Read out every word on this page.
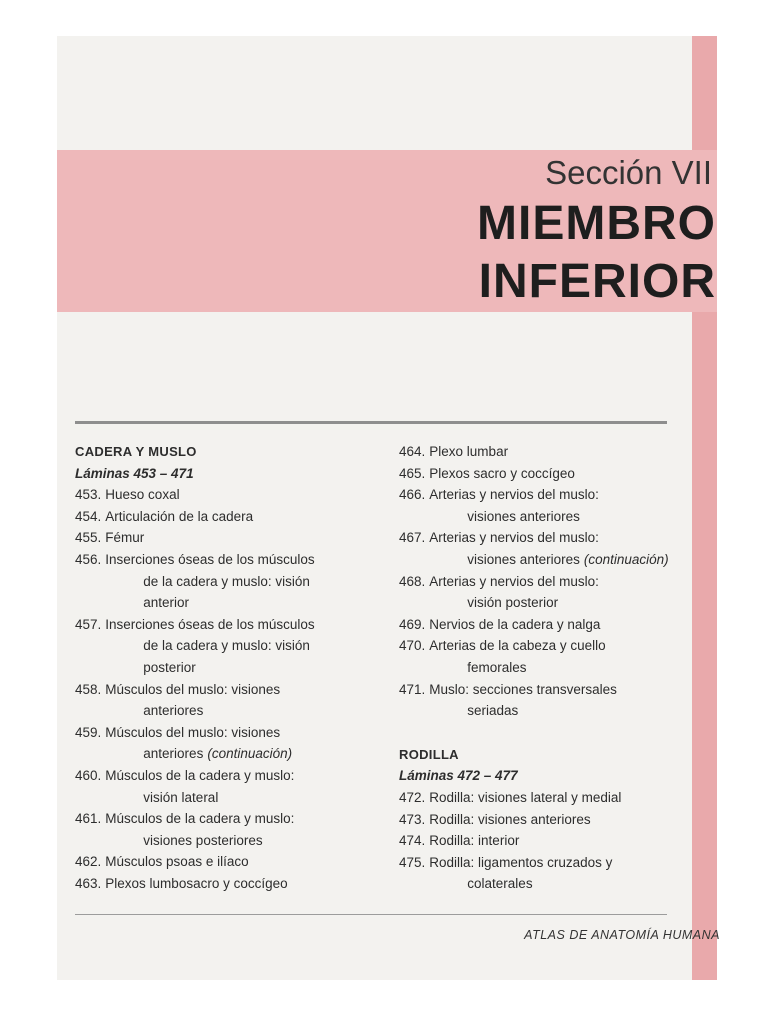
Sección VII
MIEMBRO
INFERIOR
CADERA Y MUSLO
Láminas 453 – 471
453. Hueso coxal
454. Articulación de la cadera
455. Fémur
456. Inserciones óseas de los músculos
de la cadera y muslo: visión
anterior
457. Inserciones óseas de los músculos
de la cadera y muslo: visión
posterior
458. Músculos del muslo: visiones
anteriores
459. Músculos del muslo: visiones
anteriores (continuación)
460. Músculos de la cadera y muslo:
visión lateral
461. Músculos de la cadera y muslo:
visiones posteriores
462. Músculos psoas e ilíaco
463. Plexos lumbosacro y coccígeo
464. Plexo lumbar
465. Plexos sacro y coccígeo
466. Arterias y nervios del muslo:
visiones anteriores
467. Arterias y nervios del muslo:
visiones anteriores (continuación)
468. Arterias y nervios del muslo:
visión posterior
469. Nervios de la cadera y nalga
470. Arterias de la cabeza y cuello
femorales
471. Muslo: secciones transversales
seriadas
RODILLA
Láminas 472 – 477
472. Rodilla: visiones lateral y medial
473. Rodilla: visiones anteriores
474. Rodilla: interior
475. Rodilla: ligamentos cruzados y
colaterales
ATLAS DE ANATOMÍA HUMANA
